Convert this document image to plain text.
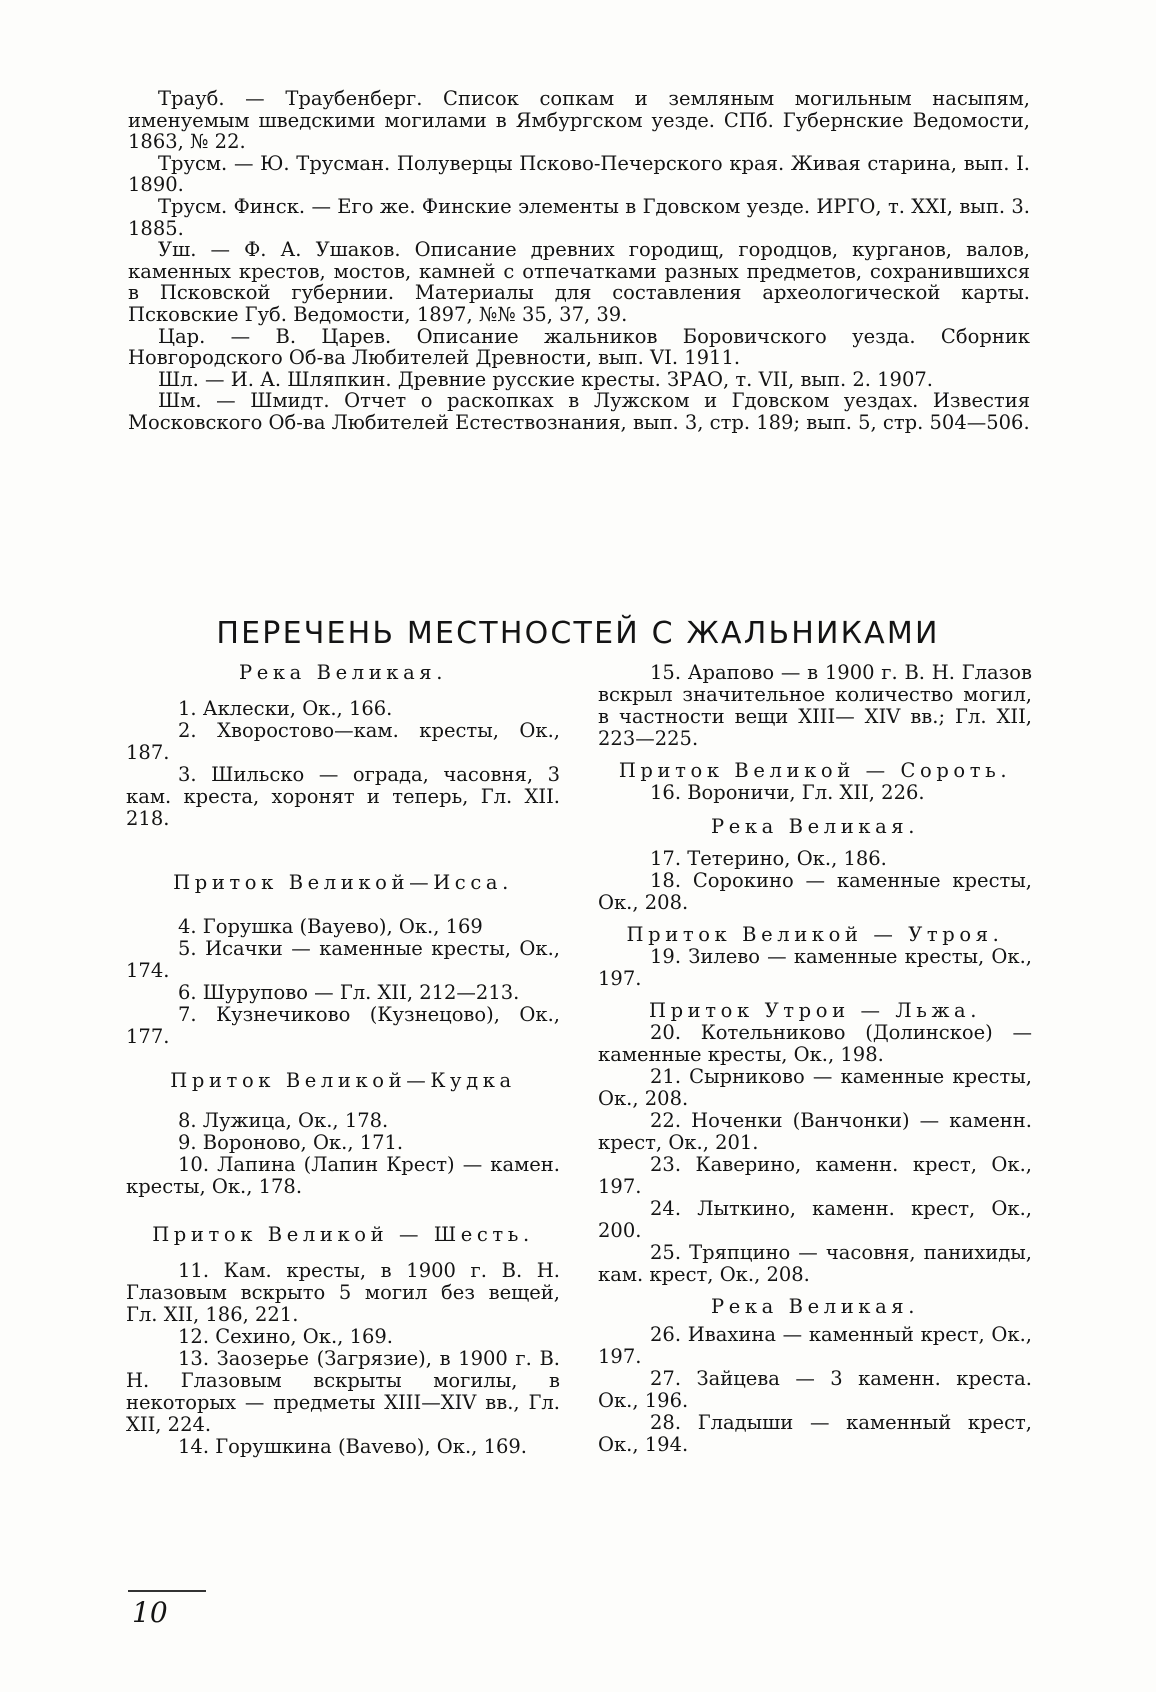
Трауб. — Траубенберг. Список сопкам и земляным могильным насыпям, именуемым шведскими могилами в Ямбургском уезде. СПб. Губернские Ведомости, 1863, № 22.

Трусм. — Ю. Трусман. Полуверцы Псково-Печерского края. Живая старина, вып. I. 1890.

Трусм. Финск. — Его же. Финские элементы в Гдовском уезде. ИРГО, т. XXI, вып. 3. 1885.

Уш. — Ф. А. Ушаков. Описание древних городищ, городцов, курганов, валов, каменных крестов, мостов, камней с отпечатками разных предметов, сохранившихся в Псковской губернии. Материалы для составления археологической карты. Псковские Губ. Ведомости, 1897, №№ 35, 37, 39.

Цар. — В. Царев. Описание жальников Боровичского уезда. Сборник Новгородского Об-ва Любителей Древности, вып. VI. 1911.

Шл. — И. А. Шляпкин. Древние русские кресты. ЗРАО, т. VII, вып. 2. 1907.

Шм. — Шмидт. Отчет о раскопках в Лужском и Гдовском уездах. Известия Московского Об-ва Любителей Естествознания, вып. 3, стр. 189; вып. 5, стр. 504—506.

ПЕРЕЧЕНЬ МЕСТНОСТЕЙ С ЖАЛЬНИКАМИ

Река Великая.

1. Аклески, Ок., 166.

2. Хворостово—кам. кресты, Ок., 187.

3. Шильско — ограда, часовня, 3 кам. креста, хоронят и теперь, Гл. XII. 218.

Приток Великой—Исса.

4. Горушка (Вауево), Ок., 169

5. Исачки — каменные кресты, Ок., 174.

6. Шурупово — Гл. XII, 212—213.

7. Кузнечиково (Кузнецово), Ок., 177.

Приток Великой—Кудка

8. Лужица, Ок., 178.

9. Вороново, Ок., 171.

10. Лапина (Лапин Крест) — камен. кресты, Ок., 178.

Приток Великой — Шесть.

11. Кам. кресты, в 1900 г. В. Н. Глазовым вскрыто 5 могил без вещей, Гл. XII, 186, 221.

12. Сехино, Ок., 169.

13. Заозерье (Загрязие), в 1900 г. В. Н. Глазовым вскрыты могилы, в некоторых — предметы XIII—XIV вв., Гл. XII, 224.

14. Горушкина (Ваvево), Ок., 169.

15. Арапово — в 1900 г. В. Н. Глазов вскрыл значительное количество могил, в частности вещи XIII— XIV вв.; Гл. XII, 223—225.

Приток Великой — Сороть.

16. Вороничи, Гл. XII, 226.

Река Великая.

17. Тетерино, Ок., 186.

18. Сорокино — каменные кресты, Ок., 208.

Приток Великой — Утроя.

19. Зилево — каменные кресты, Ок., 197.

Приток Утрои — Льжа.

20. Котельниково (Долинское) — каменные кресты, Ок., 198.

21. Сырниково — каменные кресты, Ок., 208.

22. Ноченки (Ванчонки) — каменн. крест, Ок., 201.

23. Каверино, каменн. крест, Ок., 197.

24. Лыткино, каменн. крест, Ок., 200.

25. Тряпцино — часовня, панихиды, кам. крест, Ок., 208.

Река Великая.

26. Ивахина — каменный крест, Ок., 197.

27. Зайцева — 3 каменн. креста. Ок., 196.

28. Гладыши — каменный крест, Ок., 194.

10
